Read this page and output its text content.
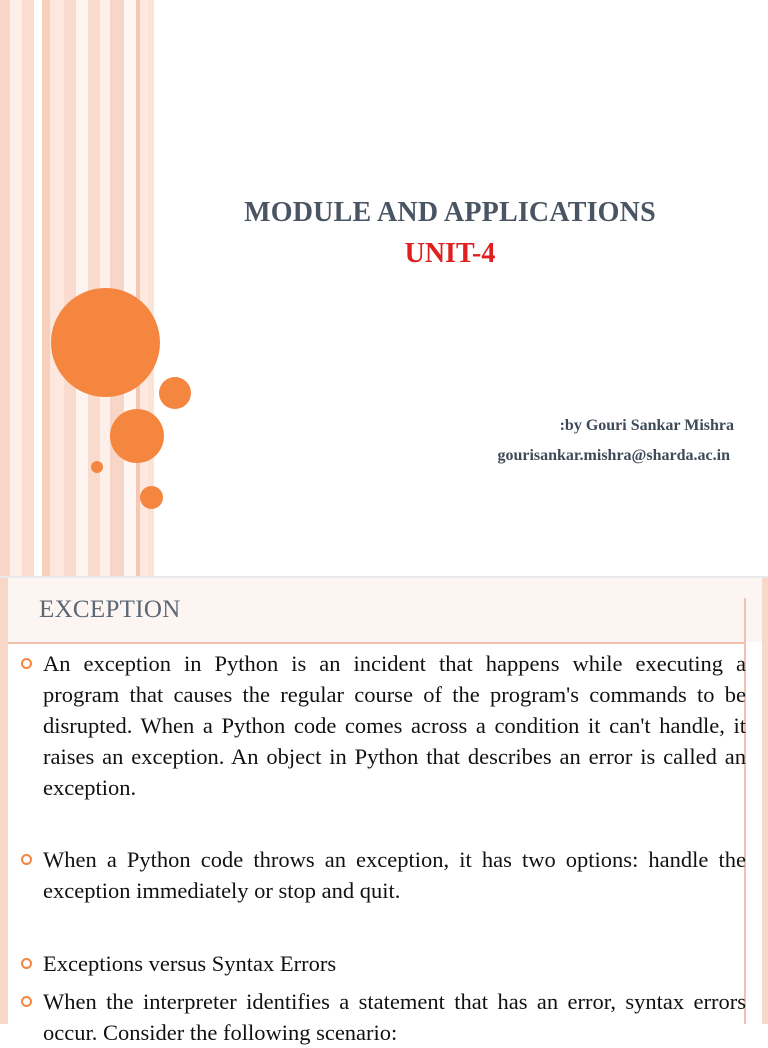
MODULE AND APPLICATIONS
UNIT-4
:by Gouri Sankar Mishra
gourisankar.mishra@sharda.ac.in
EXCEPTION
An exception in Python is an incident that happens while executing a program that causes the regular course of the program's commands to be disrupted. When a Python code comes across a condition it can't handle, it raises an exception. An object in Python that describes an error is called an exception.
When a Python code throws an exception, it has two options: handle the exception immediately or stop and quit.
Exceptions versus Syntax Errors
When the interpreter identifies a statement that has an error, syntax errors occur. Consider the following scenario:
